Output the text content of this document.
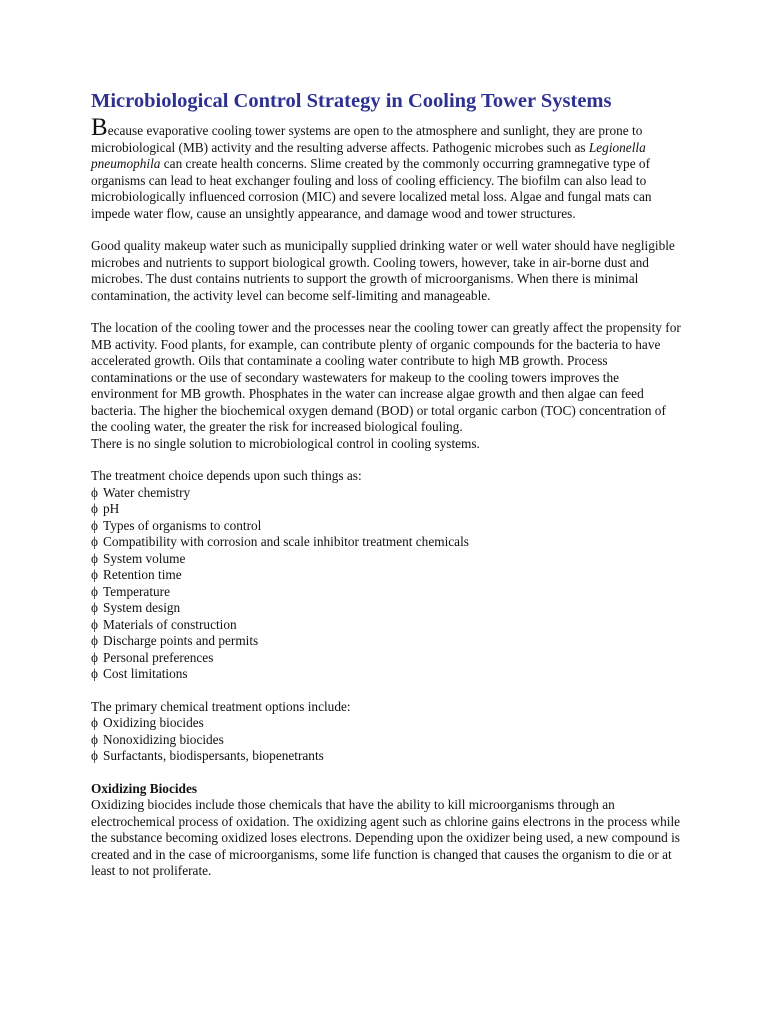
Microbiological Control Strategy in Cooling Tower Systems

Because evaporative cooling tower systems are open to the atmosphere and sunlight, they are prone to microbiological (MB) activity and the resulting adverse affects. Pathogenic microbes such as Legionella pneumophila can create health concerns. Slime created by the commonly occurring gramnegative type of organisms can lead to heat exchanger fouling and loss of cooling efficiency. The biofilm can also lead to microbiologically influenced corrosion (MIC) and severe localized metal loss. Algae and fungal mats can impede water flow, cause an unsightly appearance, and damage wood and tower structures.

Good quality makeup water such as municipally supplied drinking water or well water should have negligible microbes and nutrients to support biological growth. Cooling towers, however, take in air-borne dust and microbes. The dust contains nutrients to support the growth of microorganisms. When there is minimal contamination, the activity level can become self-limiting and manageable.

The location of the cooling tower and the processes near the cooling tower can greatly affect the propensity for MB activity. Food plants, for example, can contribute plenty of organic compounds for the bacteria to have accelerated growth. Oils that contaminate a cooling water contribute to high MB growth. Process contaminations or the use of secondary wastewaters for makeup to the cooling towers improves the environment for MB growth. Phosphates in the water can increase algae growth and then algae can feed bacteria. The higher the biochemical oxygen demand (BOD) or total organic carbon (TOC) concentration of the cooling water, the greater the risk for increased biological fouling.

There is no single solution to microbiological control in cooling systems.

The treatment choice depends upon such things as:

ϕ Water chemistry
ϕ pH
ϕ Types of organisms to control
ϕ Compatibility with corrosion and scale inhibitor treatment chemicals
ϕ System volume
ϕ Retention time
ϕ Temperature
ϕ System design
ϕ Materials of construction
ϕ Discharge points and permits
ϕ Personal preferences
ϕ Cost limitations

The primary chemical treatment options include:

ϕ Oxidizing biocides
ϕ Nonoxidizing biocides
ϕ Surfactants, biodispersants, biopenetrants
Oxidizing Biocides

Oxidizing biocides include those chemicals that have the ability to kill microorganisms through an electrochemical process of oxidation. The oxidizing agent such as chlorine gains electrons in the process while the substance becoming oxidized loses electrons. Depending upon the oxidizer being used, a new compound is created and in the case of microorganisms, some life function is changed that causes the organism to die or at least to not proliferate.
